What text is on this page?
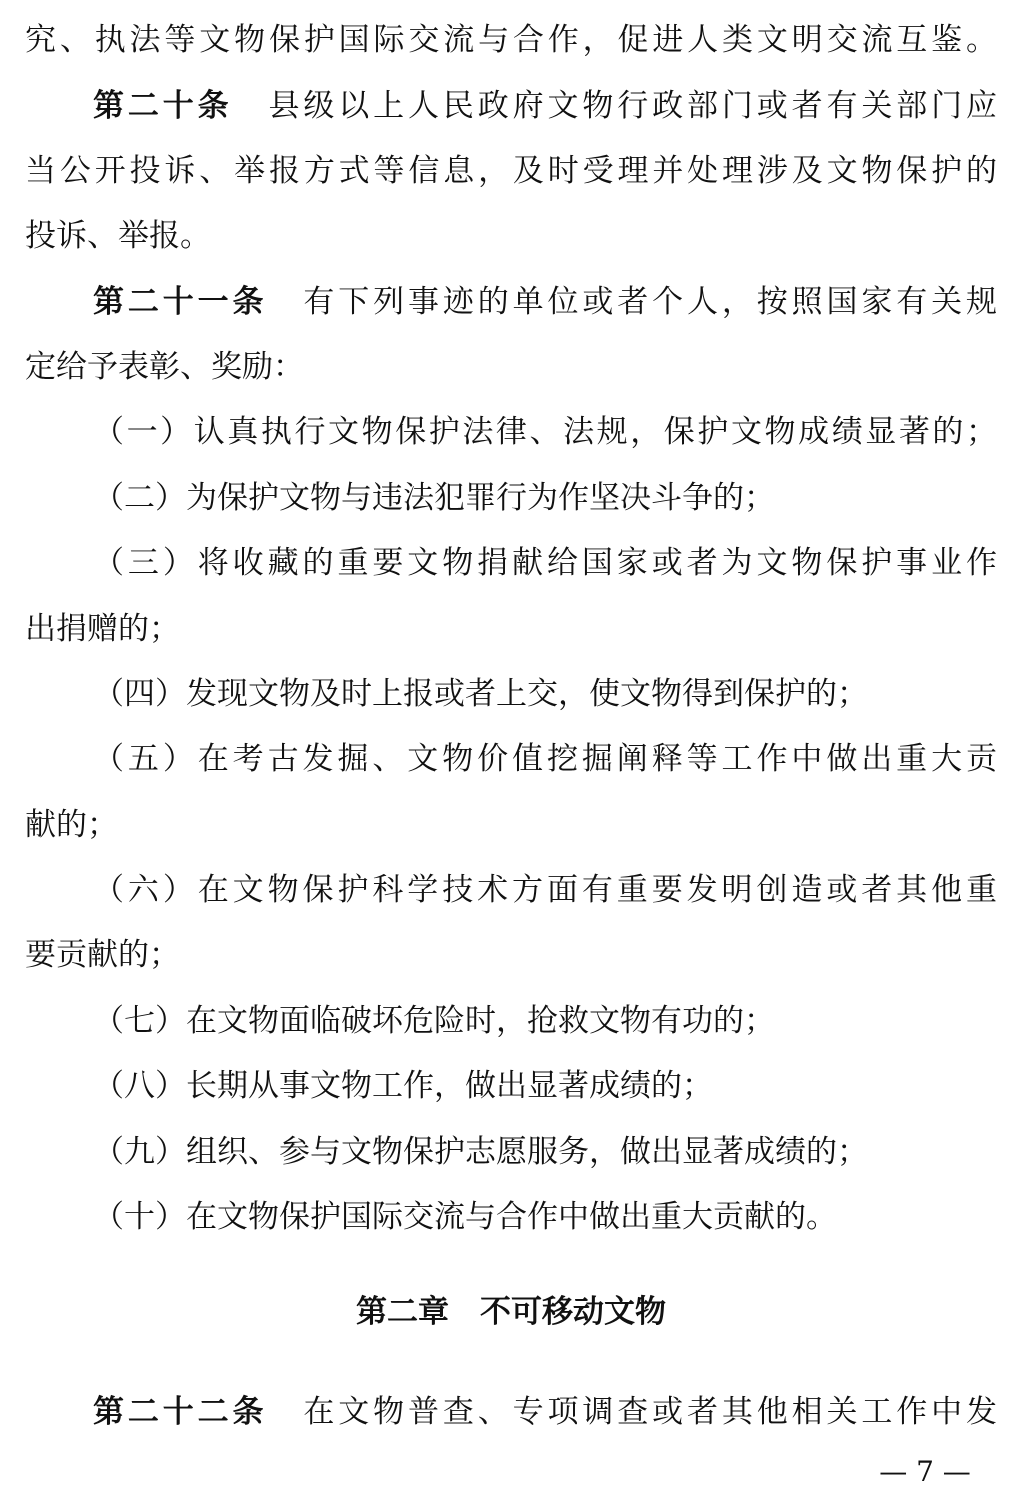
究、执法等文物保护国际交流与合作，促进人类文明交流互鉴。
第二十条 县级以上人民政府文物行政部门或者有关部门应
当公开投诉、举报方式等信息，及时受理并处理涉及文物保护的
投诉、举报。
第二十一条 有下列事迹的单位或者个人，按照国家有关规
定给予表彰、奖励：
（一）认真执行文物保护法律、法规，保护文物成绩显著的；
（二）为保护文物与违法犯罪行为作坚决斗争的；
（三）将收藏的重要文物捐献给国家或者为文物保护事业作
出捐赠的；
（四）发现文物及时上报或者上交，使文物得到保护的；
（五）在考古发掘、文物价值挖掘阐释等工作中做出重大贡
献的；
（六）在文物保护科学技术方面有重要发明创造或者其他重
要贡献的；
（七）在文物面临破坏危险时，抢救文物有功的；
（八）长期从事文物工作，做出显著成绩的；
（九）组织、参与文物保护志愿服务，做出显著成绩的；
（十）在文物保护国际交流与合作中做出重大贡献的。
第二章　不可移动文物
第二十二条 在文物普查、专项调查或者其他相关工作中发
— 7 —
